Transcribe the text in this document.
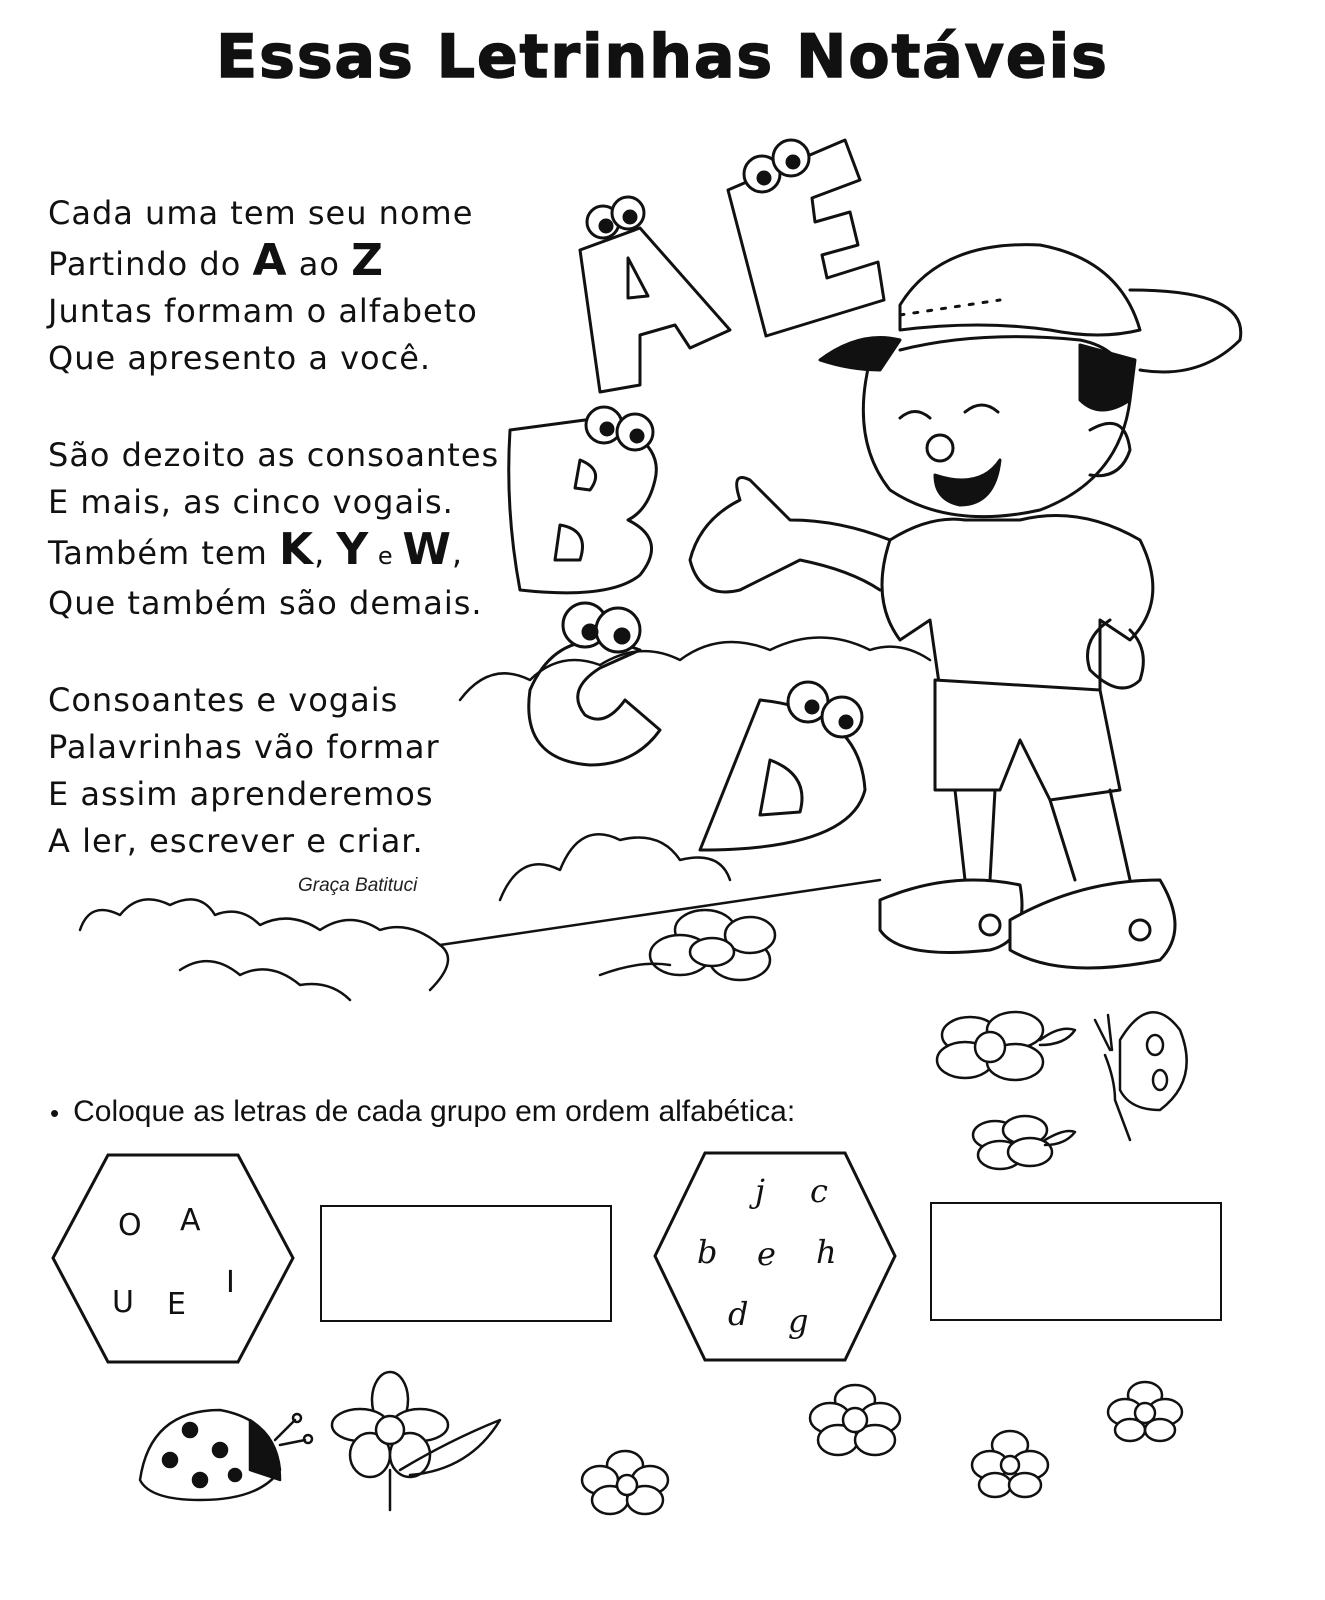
Essas Letrinhas Notáveis
Cada uma tem seu nome
Partindo do A ao Z
Juntas formam o alfabeto
Que apresento a você.
São dezoito as consoantes
E mais, as cinco vogais.
Também tem K, Y e W,
Que também são demais.
Consoantes e vogais
Palavrinhas vão formar
E assim aprenderemos
A ler, escrever e criar.
Graça Batituci
• Coloque as letras de cada grupo em ordem alfabética:
O A
I
U E
j c
b e h
d g
